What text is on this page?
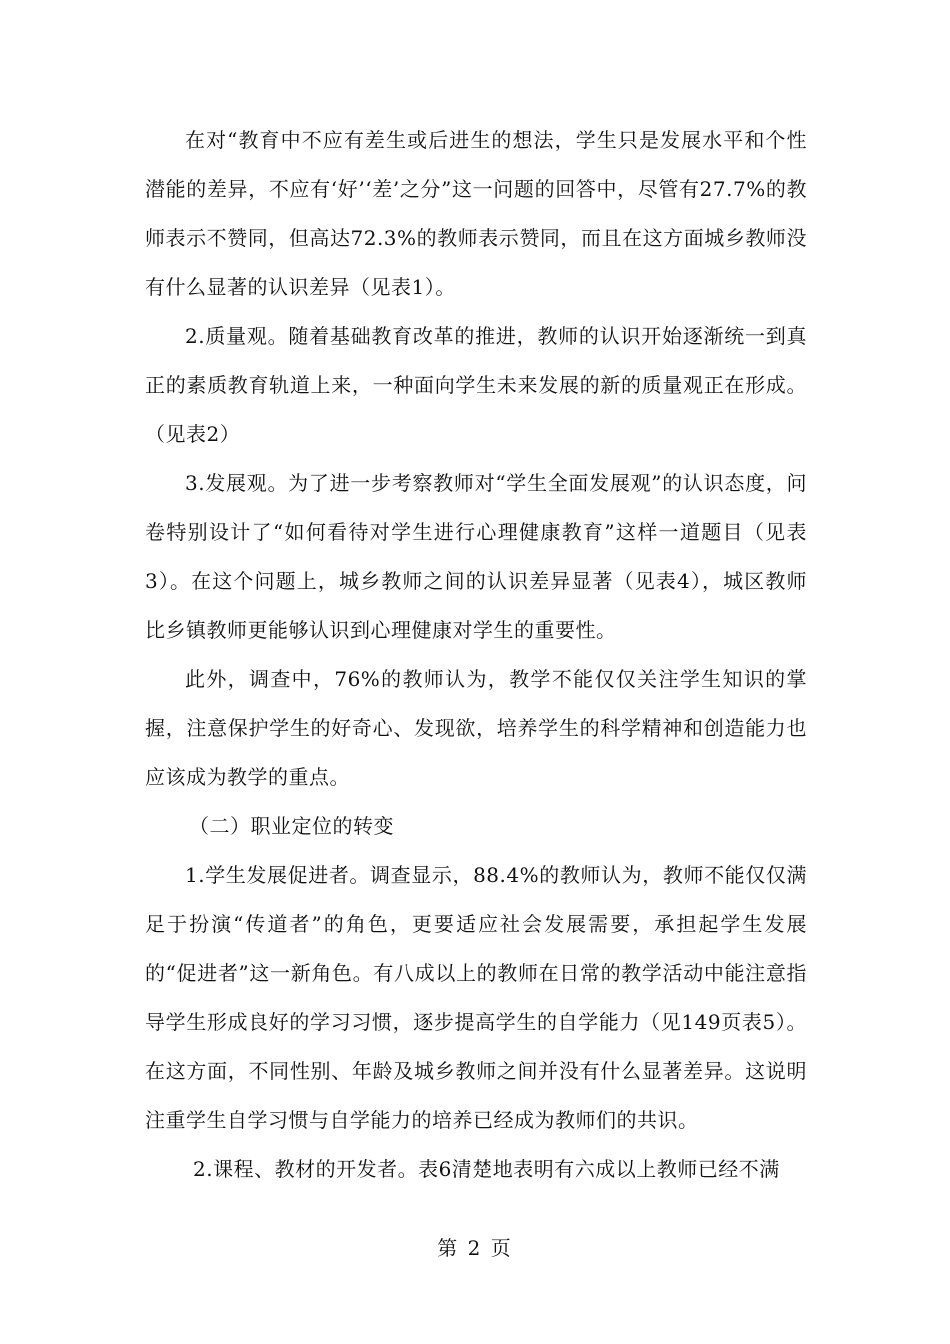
在对“教育中不应有差生或后进生的想法，学生只是发展水平和个性潜能的差异，不应有‘好’‘差’之分”这一问题的回答中，尽管有27.7%的教师表示不赞同，但高达72.3%的教师表示赞同，而且在这方面城乡教师没有什么显著的认识差异（见表1）。

2.质量观。随着基础教育改革的推进，教师的认识开始逐渐统一到真正的素质教育轨道上来，一种面向学生未来发展的新的质量观正在形成。（见表2）

3.发展观。为了进一步考察教师对“学生全面发展观”的认识态度，问卷特别设计了“如何看待对学生进行心理健康教育”这样一道题目（见表3）。在这个问题上，城乡教师之间的认识差异显著（见表4），城区教师比乡镇教师更能够认识到心理健康对学生的重要性。

此外，调查中，76%的教师认为，教学不能仅仅关注学生知识的掌握，注意保护学生的好奇心、发现欲，培养学生的科学精神和创造能力也应该成为教学的重点。

（二）职业定位的转变

1.学生发展促进者。调查显示，88.4%的教师认为，教师不能仅仅满足于扮演“传道者”的角色，更要适应社会发展需要，承担起学生发展的“促进者”这一新角色。有八成以上的教师在日常的教学活动中能注意指导学生形成良好的学习习惯，逐步提高学生的自学能力（见149页表5）。在这方面，不同性别、年龄及城乡教师之间并没有什么显著差异。这说明注重学生自学习惯与自学能力的培养已经成为教师们的共识。

2.课程、教材的开发者。表6清楚地表明有六成以上教师已经不满

第 2 页
